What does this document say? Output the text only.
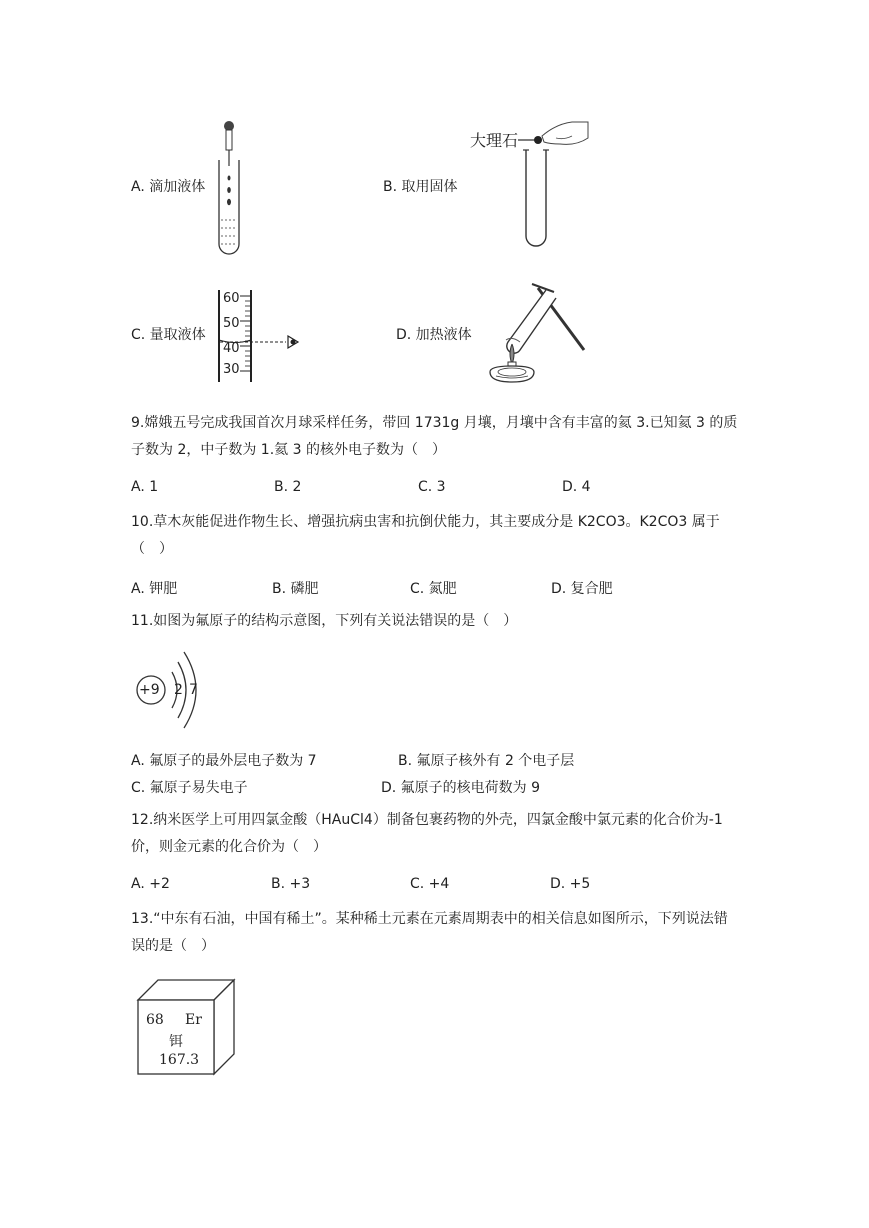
A. 滴加液体	B. 取用固体
大理石
C. 量取液体
60
50
40
30
D. 加热液体
9.嫦娥五号完成我国首次月球采样任务，带回 1731g 月壤，月壤中含有丰富的氦 3.已知氦 3 的质子数为 2，中子数为 1.氦 3 的核外电子数为（　）
A. 1	B. 2	C. 3	D. 4
10.草木灰能促进作物生长、增强抗病虫害和抗倒伏能力，其主要成分是 K2CO3。K2CO3 属于（　）
A. 钾肥	B. 磷肥	C. 氮肥	D. 复合肥
11.如图为氟原子的结构示意图，下列有关说法错误的是（　）
+9 2 7
A. 氟原子的最外层电子数为 7	B. 氟原子核外有 2 个电子层
C. 氟原子易失电子	D. 氟原子的核电荷数为 9
12.纳米医学上可用四氯金酸（HAuCl4）制备包裹药物的外壳，四氯金酸中氯元素的化合价为-1 价，则金元素的化合价为（　）
A. +2	B. +3	C. +4	D. +5
13.“中东有石油，中国有稀土”。某种稀土元素在元素周期表中的相关信息如图所示，下列说法错误的是（　）
68 Er
铒
167.3
